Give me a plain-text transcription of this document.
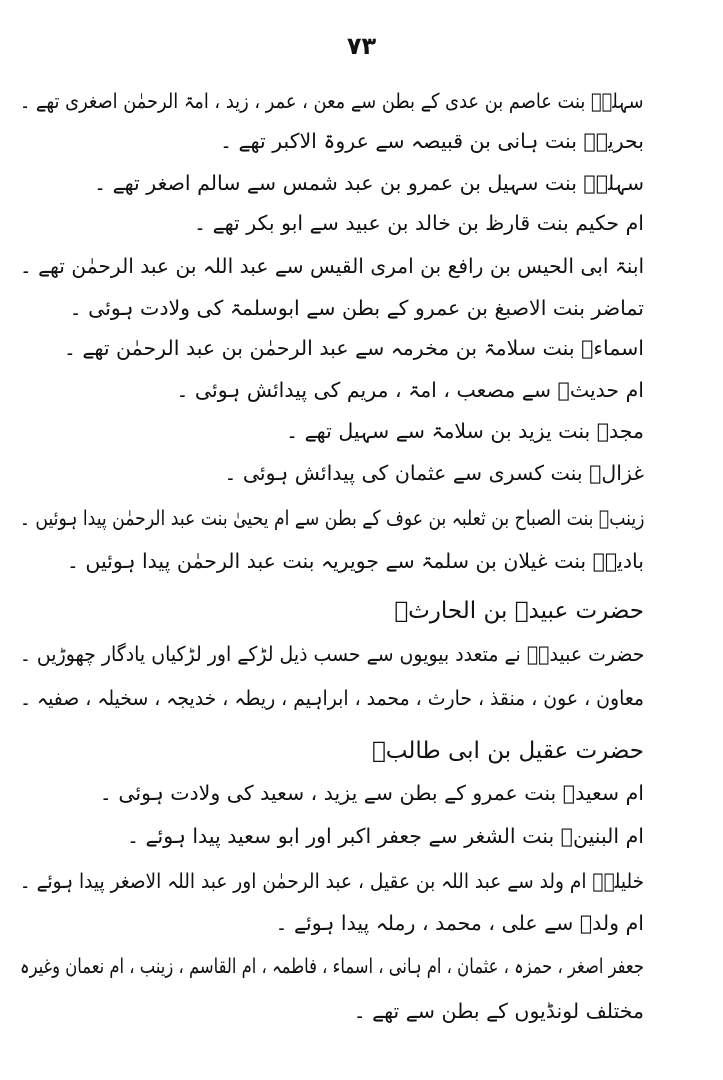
۷۳
سہلہؓ بنت عاصم بن عدی کے بطن سے معن ، عمر ، زید ، امۃ الرحمٰن اصغری تھے ۔
بحریہؓ بنت ہانی بن قبیصہ سے عروۃ الاکبر تھے ۔
سہلہؓ بنت سہیل بن عمرو بن عبد شمس سے سالم اصغر تھے ۔
ام حکیم بنت قارظ بن خالد بن عبید سے ابو بکر تھے ۔
ابنۃ ابی الحیس بن رافع بن امری القیس سے عبد اللہ بن عبد الرحمٰن تھے ۔
تماضر بنت الاصبغ بن عمرو کے بطن سے ابوسلمۃ کی ولادت ہوئی ۔
اسماءؓ بنت سلامۃ بن مخرمہ سے عبد الرحمٰن بن عبد الرحمٰن تھے ۔
ام حدیثؓ سے مصعب ، امۃ ، مریم کی پیدائش ہوئی ۔
مجدؓ بنت یزید بن سلامۃ سے سہیل تھے ۔
غزالؓ بنت کسری سے عثمان کی پیدائش ہوئی ۔
زینبؓ بنت الصباح بن ثعلبہ بن عوف کے بطن سے ام یحییٰ بنت عبد الرحمٰن پیدا ہوئیں ۔
بادیہؓ بنت غیلان بن سلمۃ سے جویریہ بنت عبد الرحمٰن پیدا ہوئیں ۔
حضرت عبیدہ بن الحارثؓ
حضرت عبیدہؓ نے متعدد بیویوں سے حسب ذیل لڑکے اور لڑکیاں یادگار چھوڑیں ۔
معاون ، عون ، منقذ ، حارث ، محمد ، ابراہیم ، ریطہ ، خدیجہ ، سخیلہ ، صفیہ ۔
حضرت عقیل بن ابی طالبؓ
ام سعیدؓ بنت عمرو کے بطن سے یزید ، سعید کی ولادت ہوئی ۔
ام البنینؓ بنت الشغر سے جعفر اکبر اور ابو سعید پیدا ہوئے ۔
خلیلہؓ ام ولد سے عبد اللہ بن عقیل ، عبد الرحمٰن اور عبد اللہ الاصغر پیدا ہوئے ۔
ام ولدؓ سے علی ، محمد ، رملہ پیدا ہوئے ۔
جعفر اصغر ، حمزہ ، عثمان ، ام ہانی ، اسماء ، فاطمہ ، ام القاسم ، زینب ، ام نعمان وغیرہ
مختلف لونڈیوں کے بطن سے تھے ۔
